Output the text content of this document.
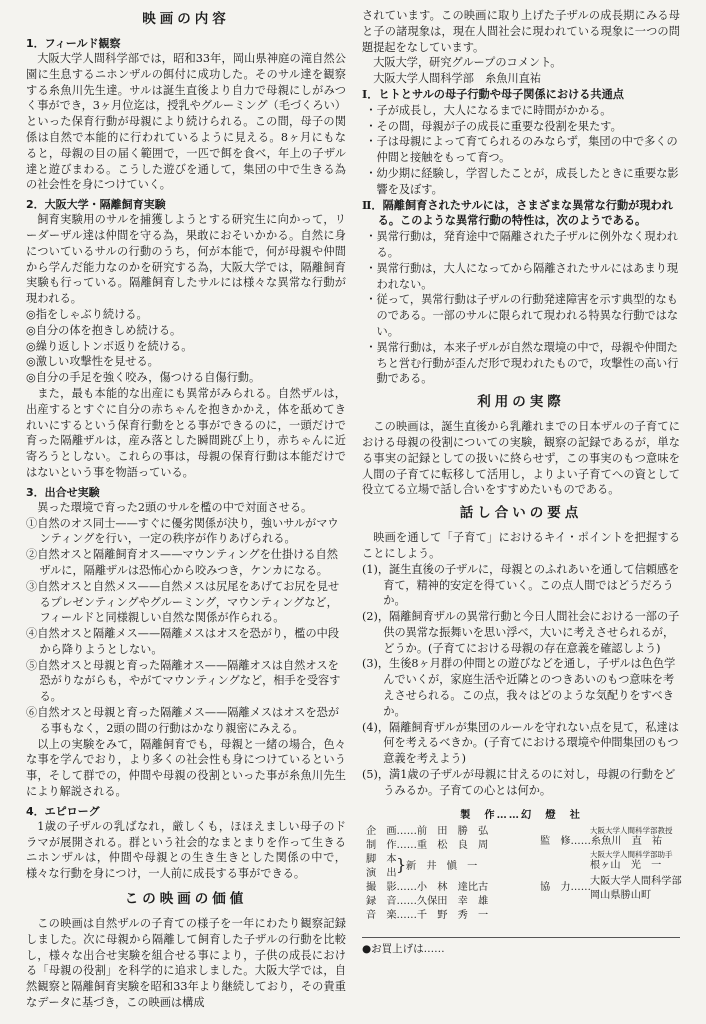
映画の内容
1．フィールド観察

大阪大学人間科学部では，昭和33年，岡山県神庭の滝自然公園に生息するニホンザルの餌付に成功した。そのサル達を観察する糸魚川先生達。サルは誕生直後より自力で母親にしがみつく事ができ，3ヶ月位迄は，授乳やグルーミング（毛づくろい）といった保育行動が母親により続けられる。この間，母子の関係は自然で本能的に行われているように見える。8ヶ月にもなると，母親の目の届く範囲で，一匹で餌を食べ，年上の子ザル達と遊びまわる。こうした遊びを通して，集団の中で生きる為の社会性を身につけていく。

2．大阪大学・隔離飼育実験

飼育実験用のサルを捕獲しようとする研究生に向かって，リーダーザル達は仲間を守る為，果敢におそいかかる。自然に身についているサルの行動のうち，何が本能で，何が母親や仲間から学んだ能力なのかを研究する為，大阪大学では，隔離飼育実験も行っている。隔離飼育したサルには様々な異常な行動が現われる。

◎指をしゃぶり続ける。
◎自分の体を抱きしめ続ける。
◎繰り返しトンボ返りを続ける。
◎激しい攻撃性を見せる。
◎自分の手足を強く咬み，傷つける自傷行動。

また，最も本能的な出産にも異常がみられる。自然ザルは，出産するとすぐに自分の赤ちゃんを抱きかかえ，体を舐めてきれいにするという保育行動をとる事ができるのに，一頭だけで育った隔離ザルは，産み落とした瞬間跳び上り，赤ちゃんに近寄ろうとしない。これらの事は，母親の保育行動は本能だけではないという事を物語っている。

3．出合せ実験

異った環境で育った2頭のサルを檻の中で対面させる。

①自然のオス同士——すぐに優劣関係が決り，強いサルがマウンティングを行い，一定の秩序が作りあげられる。
②自然オスと隔離飼育オス——マウンティングを仕掛ける自然ザルに，隔離ザルは恐怖心から咬みつき，ケンカになる。
③自然オスと自然メス——自然メスは尻尾をあげてお尻を見せるプレゼンティングやグルーミング，マウンティングなど，フィールドと同様親しい自然な関係が作られる。
④自然オスと隔離メス——隔離メスはオスを恐がり，檻の中段から降りようとしない。
⑤自然オスと母親と育った隔離オス——隔離オスは自然オスを恐がりながらも，やがてマウンティングなど，相手を受容する。
⑥自然オスと母親と育った隔離メス——隔離メスはオスを恐がる事もなく，2頭の間の行動はかなり親密にみえる。

以上の実験をみて，隔離飼育でも，母親と一緒の場合，色々な事を学んでおり，より多くの社会性も身につけているという事，そして群での，仲間や母親の役割といった事が糸魚川先生により解説される。

4．エピローグ

1歳の子ザルの乳ばなれ，厳しくも，ほほえましい母子のドラマが展開される。群という社会的なまとまりを作って生きるニホンザルは，仲間や母親との生き生きとした関係の中で，様々な行動を身につけ，一人前に成長する事ができる。

この映画の価値

この映画は自然ザルの子育ての様子を一年にわたり観察記録しました。次に母親から隔離して飼育した子ザルの行動を比較し，様々な出合せ実験を組合せる事により，子供の成長における「母親の役割」を科学的に追求しました。大阪大学では，自然観察と隔離飼育実験を昭和33年より継続しており，その貴重なデータに基づき，この映画は構成

されています。この映画に取り上げた子ザルの成長期にみる母と子の諸現象は，現在人間社会に現われている現象に一つの問題提起をなしています。

大阪大学，研究グループのコメント。

大阪大学人間科学部　糸魚川直祐

Ⅰ．ヒトとサルの母子行動や母子関係における共通点
・子が成長し，大人になるまでに時間がかかる。
・その間，母親が子の成長に重要な役割を果たす。
・子は母親によって育てられるのみならず，集団の中で多くの仲間と接触をもって育つ。
・幼少期に経験し，学習したことが，成長したときに重要な影響を及ぼす。
Ⅱ．隔離飼育されたサルには，さまざまな異常な行動が現われる。このような異常行動の特性は，次のようである。
・異常行動は，発育途中で隔離された子ザルに例外なく現われる。
・異常行動は，大人になってから隔離されたサルにはあまり現われない。
・従って，異常行動は子ザルの行動発達障害を示す典型的なものである。一部のサルに限られて現われる特異な行動ではない。
・異常行動は，本来子ザルが自然な環境の中で，母親や仲間たちと営む行動が歪んだ形で現われたもので，攻撃性の高い行動である。
利用の実際

この映画は，誕生直後から乳離れまでの日本ザルの子育てにおける母親の役割についての実験，観察の記録であるが，単なる事実の記録としての扱いに終らせず，この事実のもつ意味を人間の子育てに転移して活用し，よりよい子育てへの資として役立てる立場で話し合いをすすめたいものである。

話し合いの要点

映画を通して「子育て」におけるキイ・ポイントを把握することにしよう。

(1)，誕生直後の子ザルに，母親とのふれあいを通して信頼感を育て，精神的安定を得ていく。この点人間ではどうだろうか。
(2)，隔離飼育ザルの異常行動と今日人間社会における一部の子供の異常な振舞いを思い浮べ，大いに考えさせられるが，どうか。(子育てにおける母親の存在意義を確認しよう)
(3)，生後8ヶ月群の仲間との遊びなどを通し，子ザルは色色学んでいくが，家庭生活や近隣とのつきあいのもつ意味を考えさせられる。この点，我々はどのような気配りをすべきか。
(4)，隔離飼育ザルが集団のルールを守れない点を見て，私達は何を考えるべきか。(子育てにおける環境や仲間集団のもつ意義を考えよう)
(5)，満1歳の子ザルが母親に甘えるのに対し，母親の行動をどうみるか。子育ての心とは何か。
製　作……幻　燈　社
企　画……前　田　勝　弘
制　作……重　松　良　周
脚　本
演　出 } 新　井　愼　一
撮　影……小　林　達比古
録　音……久保田　幸　雄
音　楽……千　野　秀　一
大阪大学人間科学部教授
監　修……糸魚川　直　祐
大阪大学人間科学部助手
根ヶ山　光　一
協　力……
大阪大学人間科学部
岡山県勝山町
●お買上げは……
